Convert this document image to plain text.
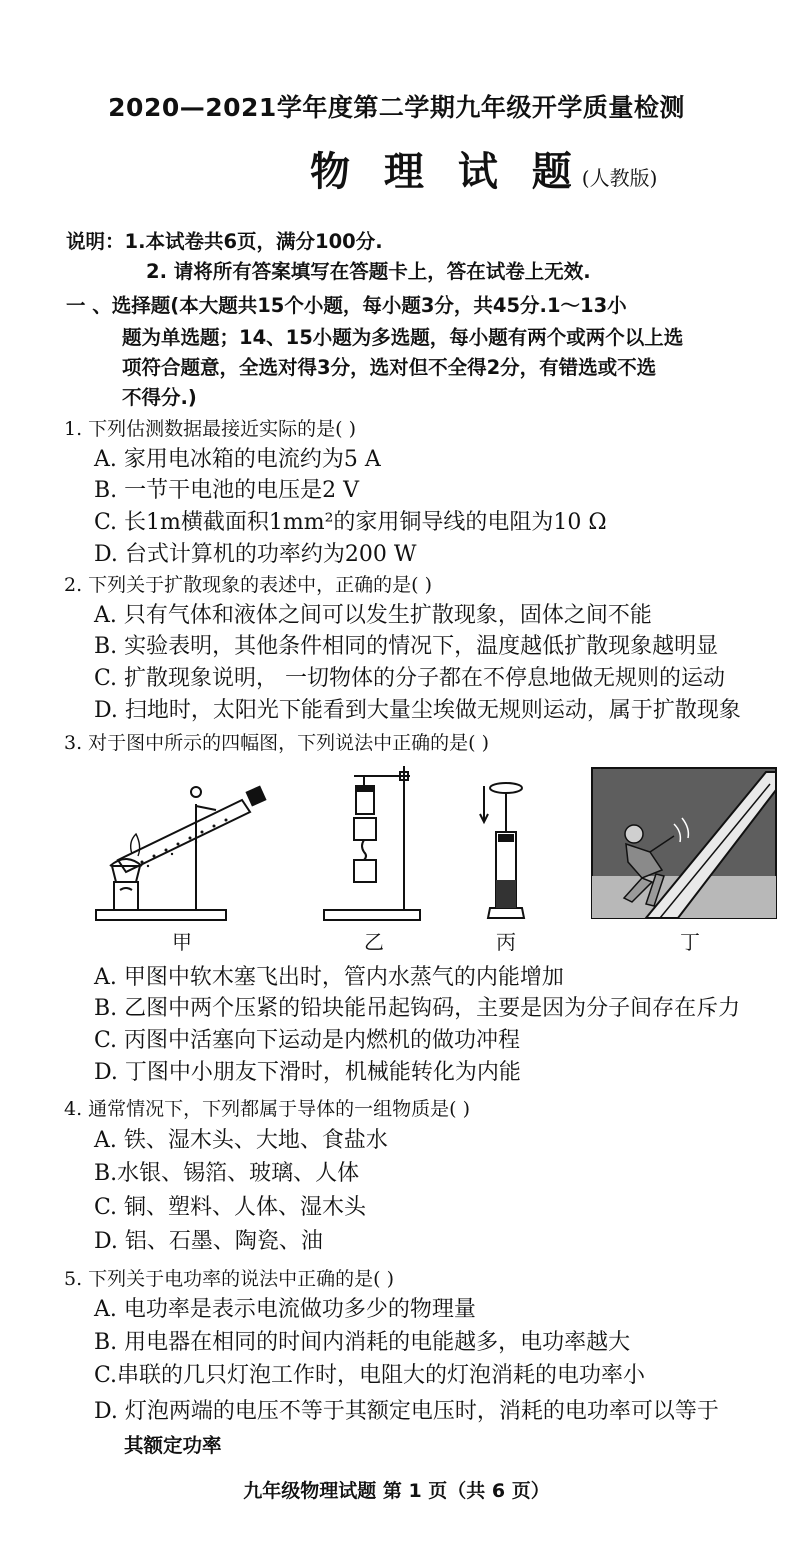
2020—2021学年度第二学期九年级开学质量检测
物 理 试 题(人教版)
说明：1.本试卷共6页，满分100分.
2. 请将所有答案填写在答题卡上，答在试卷上无效.
一 、选择题(本大题共15个小题，每小题3分，共45分.1～13小
题为单选题；14、15小题为多选题，每小题有两个或两个以上选
项符合题意，全选对得3分，选对但不全得2分，有错选或不选
不得分.)
1. 下列估测数据最接近实际的是( )
A. 家用电冰箱的电流约为5 A
B. 一节干电池的电压是2 V
C. 长1m横截面积1mm²的家用铜导线的电阻为10 Ω
D. 台式计算机的功率约为200 W
2. 下列关于扩散现象的表述中，正确的是( )
A. 只有气体和液体之间可以发生扩散现象，固体之间不能
B. 实验表明，其他条件相同的情况下，温度越低扩散现象越明显
C. 扩散现象说明， 一切物体的分子都在不停息地做无规则的运动
D. 扫地时，太阳光下能看到大量尘埃做无规则运动，属于扩散现象
3. 对于图中所示的四幅图，下列说法中正确的是( )
甲	乙	丙	丁
A. 甲图中软木塞飞出时，管内水蒸气的内能增加
B. 乙图中两个压紧的铅块能吊起钩码，主要是因为分子间存在斥力
C. 丙图中活塞向下运动是内燃机的做功冲程
D. 丁图中小朋友下滑时，机械能转化为内能
4. 通常情况下，下列都属于导体的一组物质是( )
A. 铁、湿木头、大地、食盐水
B.水银、锡箔、玻璃、人体
C. 铜、塑料、人体、湿木头
D. 铝、石墨、陶瓷、油
5. 下列关于电功率的说法中正确的是( )
A. 电功率是表示电流做功多少的物理量
B. 用电器在相同的时间内消耗的电能越多，电功率越大
C.串联的几只灯泡工作时，电阻大的灯泡消耗的电功率小
D. 灯泡两端的电压不等于其额定电压时，消耗的电功率可以等于
其额定功率
九年级物理试题 第 1 页（共 6 页）
